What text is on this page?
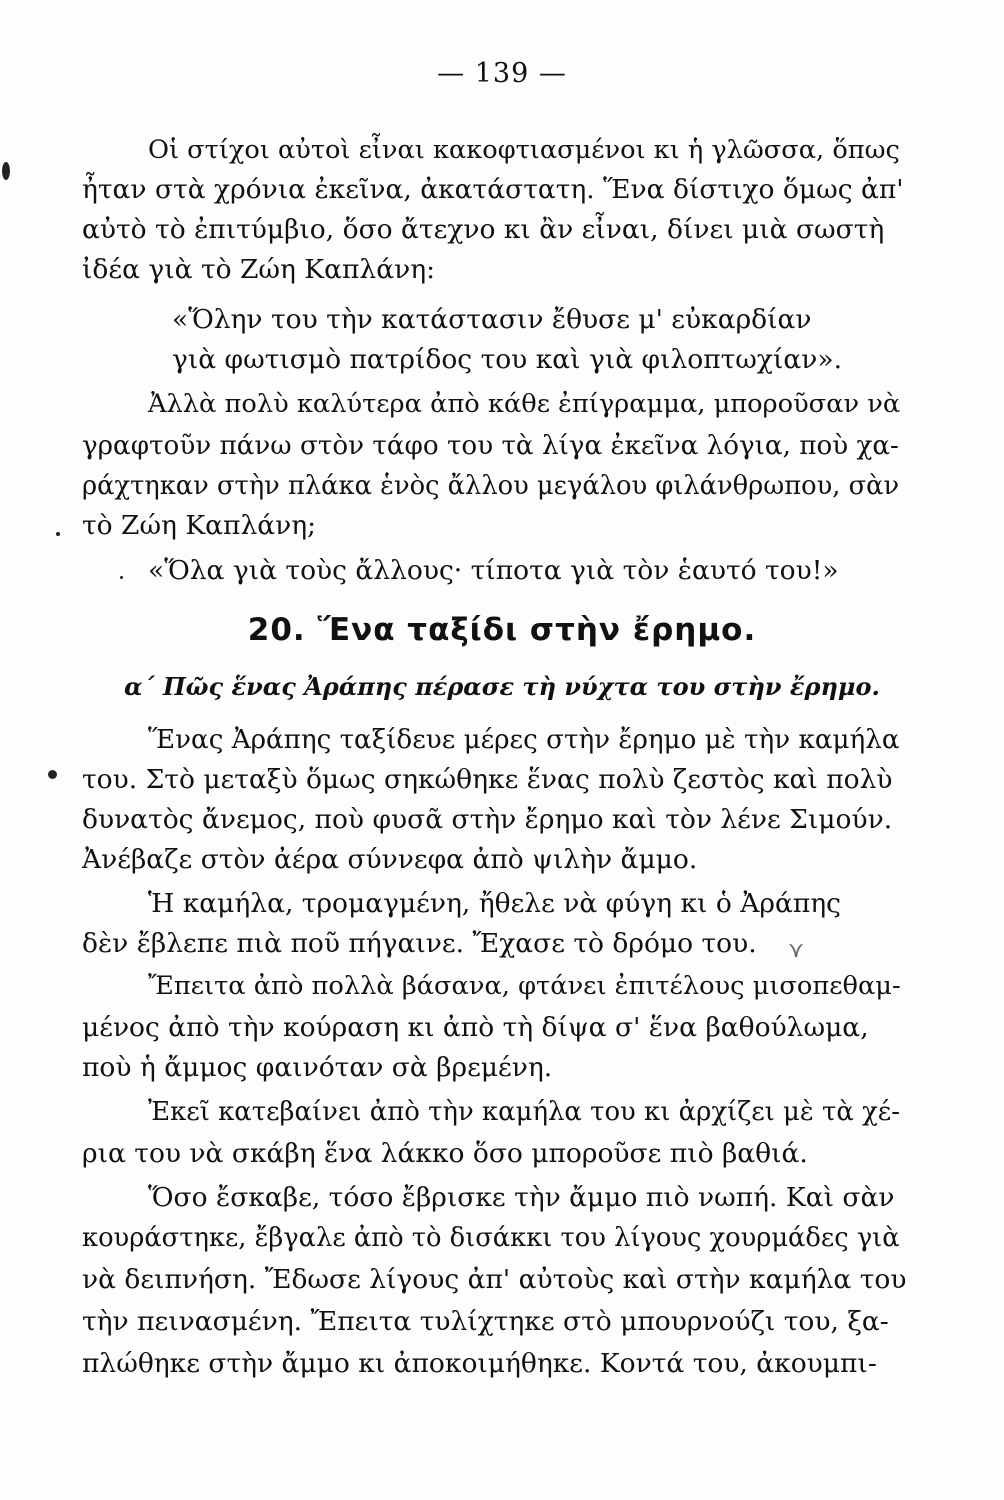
— 139 —
Οἱ στίχοι αὐτοὶ εἶναι κακοφτιασμένοι κι ἡ γλῶσσα, ὅπως
ἦταν στὰ χρόνια ἐκεῖνα, ἀκατάστατη. Ἕνα δίστιχο ὅμως ἀπ'
αὐτὸ τὸ ἐπιτύμβιο, ὅσο ἄτεχνο κι ἂν εἶναι, δίνει μιὰ σωστὴ
ἰδέα γιὰ τὸ Ζώη Καπλάνη:
«Ὅλην του τὴν κατάστασιν ἔθυσε μ' εὐκαρδίαν
γιὰ φωτισμὸ πατρίδος του καὶ γιὰ φιλοπτωχίαν».
Ἀλλὰ πολὺ καλύτερα ἀπὸ κάθε ἐπίγραμμα, μποροῦσαν νὰ
γραφτοῦν πάνω στὸν τάφο του τὰ λίγα ἐκεῖνα λόγια, ποὺ χα-
ράχτηκαν στὴν πλάκα ἑνὸς ἄλλου μεγάλου φιλάνθρωπου, σὰν
τὸ Ζώη Καπλάνη;
«Ὅλα γιὰ τοὺς ἄλλους· τίποτα γιὰ τὸν ἑαυτό του!»
20. Ἕνα ταξίδι στὴν ἔρημο.
α΄ Πῶς ἕνας Ἀράπης πέρασε τὴ νύχτα του στὴν ἔρημο.
Ἕνας Ἀράπης ταξίδευε μέρες στὴν ἔρημο μὲ τὴν καμήλα
του. Στὸ μεταξὺ ὅμως σηκώθηκε ἕνας πολὺ ζεστὸς καὶ πολὺ
δυνατὸς ἄνεμος, ποὺ φυσᾶ στὴν ἔρημο καὶ τὸν λένε Σιμούν.
Ἀνέβαζε στὸν ἀέρα σύννεφα ἀπὸ ψιλὴν ἄμμο.
Ἡ καμήλα, τρομαγμένη, ἤθελε νὰ φύγη κι ὁ Ἀράπης
δὲν ἔβλεπε πιὰ ποῦ πήγαινε. Ἔχασε τὸ δρόμο του.
Ἔπειτα ἀπὸ πολλὰ βάσανα, φτάνει ἐπιτέλους μισοπεθαμ-
μένος ἀπὸ τὴν κούραση κι ἀπὸ τὴ δίψα σ' ἕνα βαθούλωμα,
ποὺ ἡ ἄμμος φαινόταν σὰ βρεμένη.
Ἐκεῖ κατεβαίνει ἀπὸ τὴν καμήλα του κι ἀρχίζει μὲ τὰ χέ-
ρια του νὰ σκάβη ἕνα λάκκο ὅσο μποροῦσε πιὸ βαθιά.
Ὅσο ἔσκαβε, τόσο ἔβρισκε τὴν ἄμμο πιὸ νωπή. Καὶ σὰν
κουράστηκε, ἔβγαλε ἀπὸ τὸ δισάκκι του λίγους χουρμάδες γιὰ
νὰ δειπνήση. Ἔδωσε λίγους ἀπ' αὐτοὺς καὶ στὴν καμήλα του
τὴν πεινασμένη. Ἔπειτα τυλίχτηκε στὸ μπουρνούζι του, ξα-
πλώθηκε στὴν ἄμμο κι ἀποκοιμήθηκε. Κοντά του, ἀκουμπι-
⋎
